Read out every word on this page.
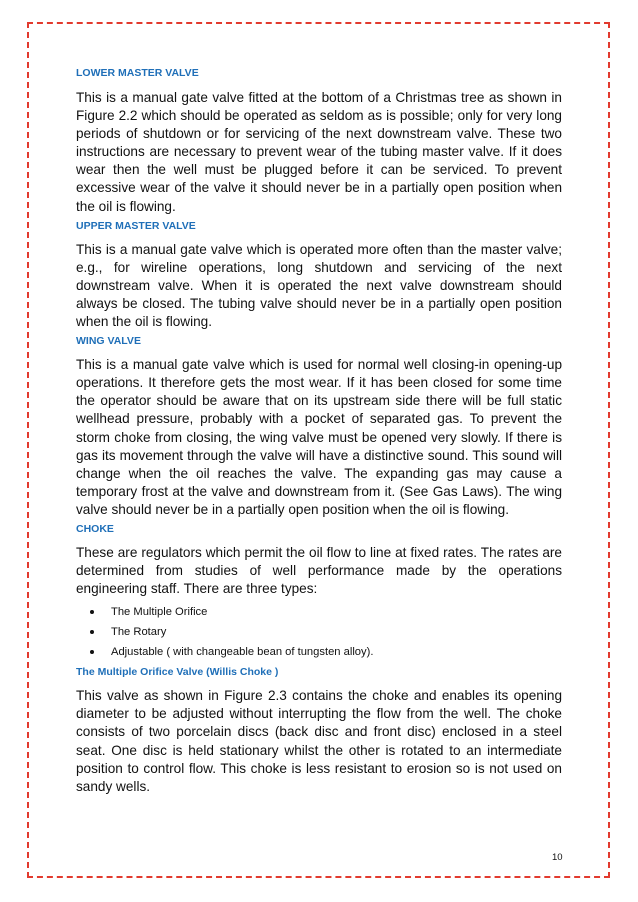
LOWER MASTER VALVE

This is a manual gate valve fitted at the bottom of a Christmas tree as shown in Figure 2.2 which should be operated as seldom as is possible; only for very long periods of shutdown or for servicing of the next downstream valve. These two instructions are necessary to prevent wear of the tubing master valve. If it does wear then the well must be plugged before it can be serviced. To prevent excessive wear of the valve it should never be in a partially open position when the oil is flowing.

UPPER MASTER VALVE

This is a manual gate valve which is operated more often than the master valve; e.g., for wireline operations, long shutdown and servicing of the next downstream valve. When it is operated the next valve downstream should always be closed. The tubing valve should never be in a partially open position when the oil is flowing.

WING VALVE

This is a manual gate valve which is used for normal well closing-in opening-up operations. It therefore gets the most wear. If it has been closed for some time the operator should be aware that on its upstream side there will be full static wellhead pressure, probably with a pocket of separated gas. To prevent the storm choke from closing, the wing valve must be opened very slowly. If there is gas its movement through the valve will have a distinctive sound. This sound will change when the oil reaches the valve. The expanding gas may cause a temporary frost at the valve and downstream from it. (See Gas Laws). The wing valve should never be in a partially open position when the oil is flowing.

CHOKE

These are regulators which permit the oil flow to line at fixed rates. The rates are determined from studies of well performance made by the operations engineering staff. There are three types:

The Multiple Orifice
The Rotary
Adjustable ( with changeable bean of tungsten alloy).
The Multiple Orifice Valve (Willis Choke )

This valve as shown in Figure 2.3 contains the choke and enables its opening diameter to be adjusted without interrupting the flow from the well. The choke consists of two porcelain discs (back disc and front disc) enclosed in a steel seat. One disc is held stationary whilst the other is rotated to an intermediate position to control flow. This choke is less resistant to erosion so is not used on sandy wells.

10
